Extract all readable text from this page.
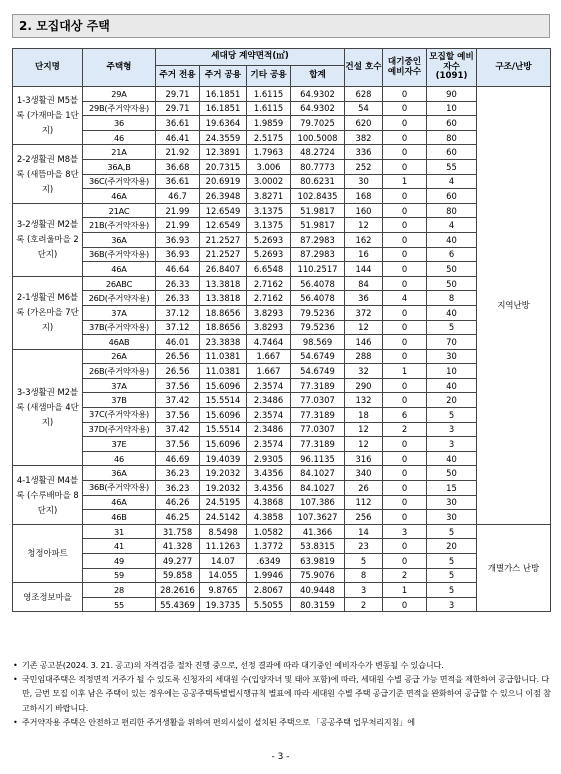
2. 모집대상 주택
단지명	주택형	세대당 계약면적(㎡)				건설 호수	대기중인 예비자수	모집할 예비자수 (1091)	구조/난방
		주거 전용	주거 공용	기타 공용	합계				
1-3생활권 M5블록 (가재마을 1단지)	29A	29.71	16.1851	1.6115	64.9302	628	0	90	지역난방
	29B(주거약자용)	29.71	16.1851	1.6115	64.9302	54	0	10	
	36	36.61	19.6364	1.9859	79.7025	620	0	60	
	46	46.41	24.3559	2.5175	100.5008	382	0	80	
2-2생활권 M8블록 (새뜸마을 8단지)	21A	21.92	12.3891	1.7963	48.2724	336	0	60	
	36A,B	36.68	20.7315	3.006	80.7773	252	0	55	
	36C(주거약자용)	36.61	20.6919	3.0002	80.6231	30	1	4	
	46A	46.7	26.3948	3.8271	102.8435	168	0	60	
3-2생활권 M2블록 (호려울마을 2단지)	21AC	21.99	12.6549	3.1375	51.9817	160	0	80	
	21B(주거약자용)	21.99	12.6549	3.1375	51.9817	12	0	4	
	36A	36.93	21.2527	5.2693	87.2983	162	0	40	
	36B(주거약자용)	36.93	21.2527	5.2693	87.2983	16	0	6	
	46A	46.64	26.8407	6.6548	110.2517	144	0	50	
2-1생활권 M6블록 (가온마을 7단지)	26ABC	26.33	13.3818	2.7162	56.4078	84	0	50	
	26D(주거약자용)	26.33	13.3818	2.7162	56.4078	36	4	8	
	37A	37.12	18.8656	3.8293	79.5236	372	0	40	
	37B(주거약자용)	37.12	18.8656	3.8293	79.5236	12	0	5	
	46AB	46.01	23.3838	4.7464	98.569	146	0	70	
3-3생활권 M2블록 (새샘마을 4단지)	26A	26.56	11.0381	1.667	54.6749	288	0	30	
	26B(주거약자용)	26.56	11.0381	1.667	54.6749	32	1	10	
	37A	37.56	15.6096	2.3574	77.3189	290	0	40	
	37B	37.42	15.5514	2.3486	77.0307	132	0	20	
	37C(주거약자용)	37.56	15.6096	2.3574	77.3189	18	6	5	
	37D(주거약자용)	37.42	15.5514	2.3486	77.0307	12	2	3	
	37E	37.56	15.6096	2.3574	77.3189	12	0	3	
	46	46.69	19.4039	2.9305	96.1135	316	0	40	
4-1생활권 M4블록 (수루배마을 8단지)	36A	36.23	19.2032	3.4356	84.1027	340	0	50	
	36B(주거약자용)	36.23	19.2032	3.4356	84.1027	26	0	15	
	46A	46.26	24.5195	4.3868	107.386	112	0	30	
	46B	46.25	24.5142	4.3858	107.3627	256	0	30	
청정아파트	31	31.758	8.5498	1.0582	41.366	14	3	5	개별가스 난방
	41	41.328	11.1263	1.3772	53.8315	23	0	20	
	49	49.277	14.07	.6349	63.9819	5	0	5	
	59	59.858	14.055	1.9946	75.9076	8	2	5	
영조정보마을	28	28.2616	9.8765	2.8067	40.9448	3	1	5	
	55	55.4369	19.3735	5.5055	80.3159	2	0	3	
• 기존 공고분(2024. 3. 21. 공고)의 자격검증 절차 진행 중으로, 선정 결과에 따라 대기중인 예비자수가 변동될 수 있습니다.
• 국민임대주택은 적정면적 거주가 될 수 있도록 신청자의 세대원 수(입양자녀 및 태아 포함)에 따라, 세대원 수별 공급 가능 면적을 제한하여 공급합니다. 다만, 금번 모집 이후 남은 주택이 있는 경우에는 공공주택특별법시행규칙 별표에 따라 세대원 수별 주택 공급기준 면적을 완화하여 공급할 수 있으니 이점 참고하시기 바랍니다.
• 주거약자용 주택은 안전하고 편리한 주거생활을 위하여 편의시설이 설치된 주택으로 「공공주택 업무처리지침」에
- 3 -
